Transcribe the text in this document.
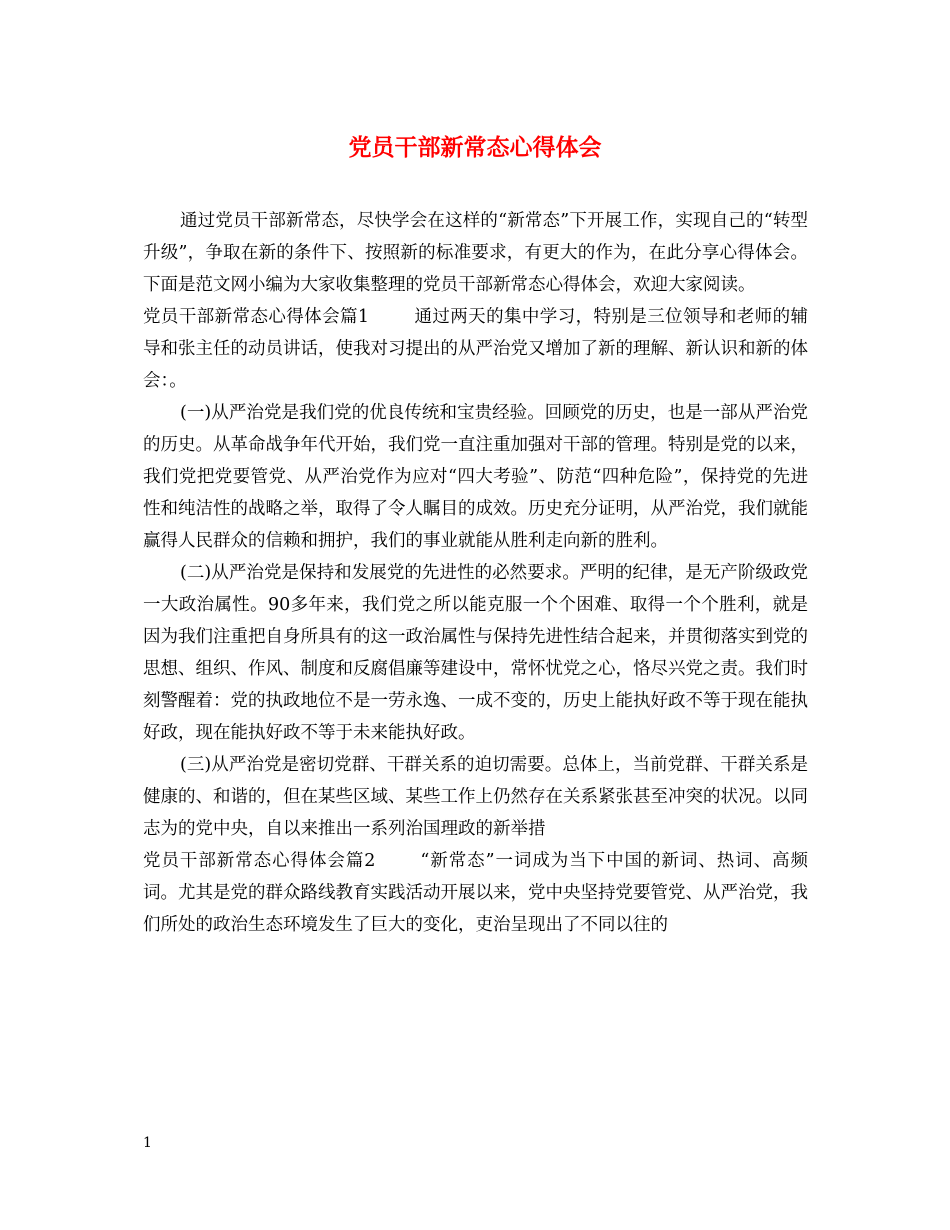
党员干部新常态心得体会

通过党员干部新常态，尽快学会在这样的“新常态”下开展工作，实现自己的“转型升级”，争取在新的条件下、按照新的标准要求，有更大的作为，在此分享心得体会。下面是范文网小编为大家收集整理的党员干部新常态心得体会，欢迎大家阅读。

党员干部新常态心得体会篇1	通过两天的集中学习，特别是三位领导和老师的辅导和张主任的动员讲话，使我对习提出的从严治党又增加了新的理解、新认识和新的体会：。

(一)从严治党是我们党的优良传统和宝贵经验。回顾党的历史，也是一部从严治党的历史。从革命战争年代开始，我们党一直注重加强对干部的管理。特别是党的以来，我们党把党要管党、从严治党作为应对“四大考验”、防范“四种危险”，保持党的先进性和纯洁性的战略之举，取得了令人瞩目的成效。历史充分证明，从严治党，我们就能赢得人民群众的信赖和拥护，我们的事业就能从胜利走向新的胜利。

(二)从严治党是保持和发展党的先进性的必然要求。严明的纪律，是无产阶级政党一大政治属性。90多年来，我们党之所以能克服一个个困难、取得一个个胜利，就是因为我们注重把自身所具有的这一政治属性与保持先进性结合起来，并贯彻落实到党的思想、组织、作风、制度和反腐倡廉等建设中，常怀忧党之心，恪尽兴党之责。我们时刻警醒着：党的执政地位不是一劳永逸、一成不变的，历史上能执好政不等于现在能执好政，现在能执好政不等于未来能执好政。

(三)从严治党是密切党群、干群关系的迫切需要。总体上，当前党群、干群关系是健康的、和谐的，但在某些区域、某些工作上仍然存在关系紧张甚至冲突的状况。以同志为的党中央，自以来推出一系列治国理政的新举措

党员干部新常态心得体会篇2	“新常态”一词成为当下中国的新词、热词、高频词。尤其是党的群众路线教育实践活动开展以来，党中央坚持党要管党、从严治党，我们所处的政治生态环境发生了巨大的变化，吏治呈现出了不同以往的

1
